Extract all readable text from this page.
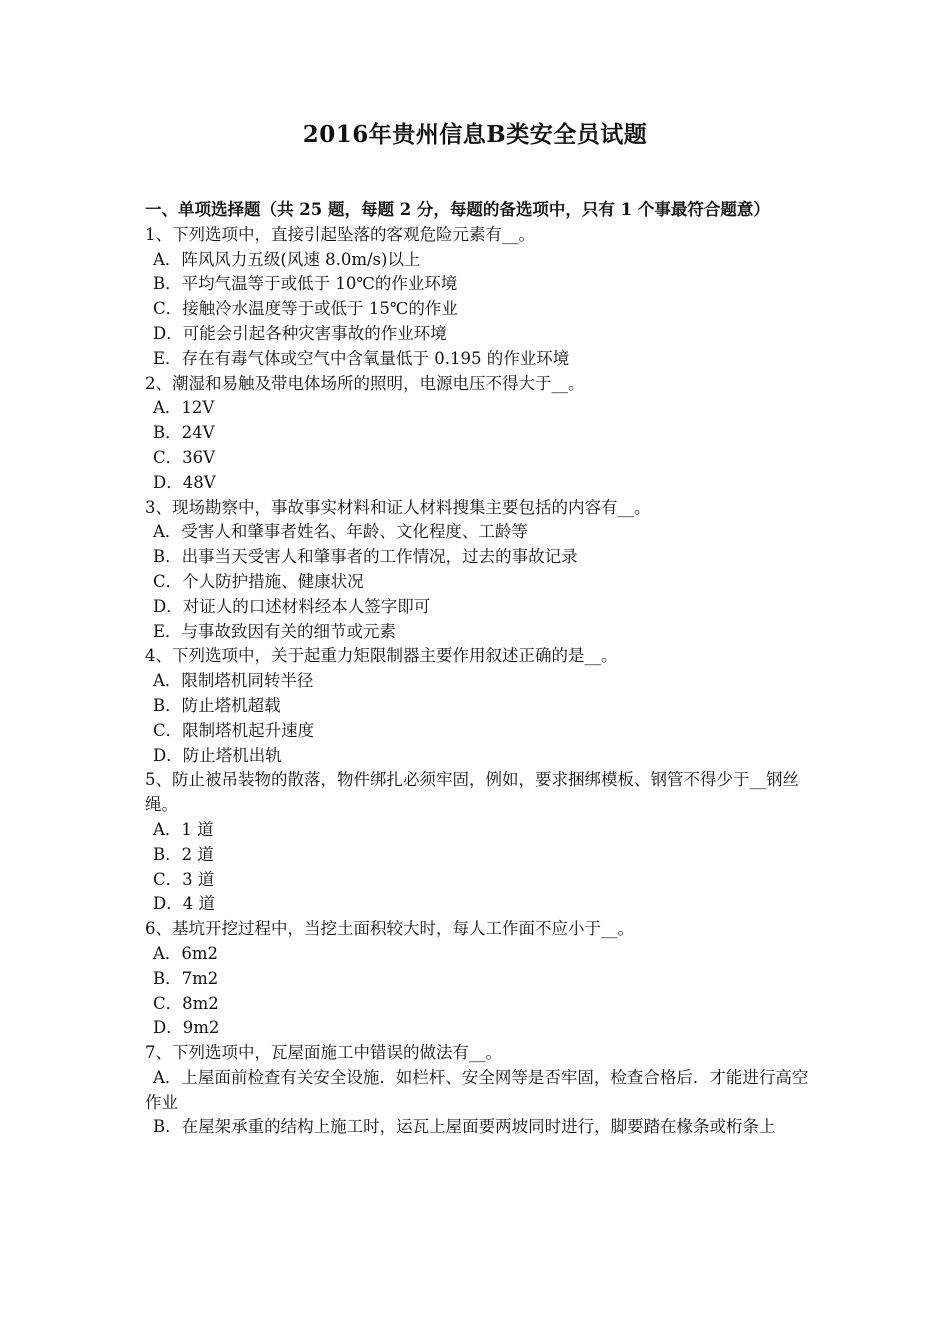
2016年贵州信息B类安全员试题

一、单项选择题（共 25 题，每题 2 分，每题的备选项中，只有 1 个事最符合题意）

1、下列选项中，直接引起坠落的客观危险元素有__。

A．阵风风力五级(风速 8.0m/s)以上

B．平均气温等于或低于 10℃的作业环境

C．接触冷水温度等于或低于 15℃的作业

D．可能会引起各种灾害事故的作业环境

E．存在有毒气体或空气中含氧量低于 0.195 的作业环境

2、潮湿和易触及带电体场所的照明，电源电压不得大于__。

A．12V

B．24V

C．36V

D．48V

3、现场勘察中，事故事实材料和证人材料搜集主要包括的内容有__。

A．受害人和肇事者姓名、年龄、文化程度、工龄等

B．出事当天受害人和肇事者的工作情况，过去的事故记录

C．个人防护措施、健康状况

D．对证人的口述材料经本人签字即可

E．与事故致因有关的细节或元素

4、下列选项中，关于起重力矩限制器主要作用叙述正确的是__。

A．限制塔机同转半径

B．防止塔机超载

C．限制塔机起升速度

D．防止塔机出轨

5、防止被吊装物的散落，物件绑扎必须牢固，例如，要求捆绑模板、钢管不得少于__钢丝绳。

A．1 道

B．2 道

C．3 道

D．4 道

6、基坑开挖过程中，当挖土面积较大时，每人工作面不应小于__。

A．6m2

B．7m2

C．8m2

D．9m2

7、下列选项中，瓦屋面施工中错误的做法有__。

A．上屋面前检查有关安全设施．如栏杆、安全网等是否牢固，检查合格后．才能进行高空作业

B．在屋架承重的结构上施工时，运瓦上屋面要两坡同时进行，脚要踏在椽条或桁条上
